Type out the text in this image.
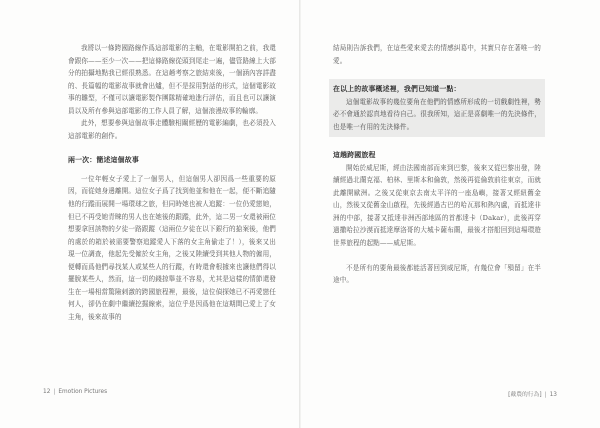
我將以一條跨國路線作爲這部電影的主軸，在電影開拍之前，我還會跟你——至少一次——把這條路線從頭到尾走一遍，儘管路線上大部分的拍攝地點我已經很熟悉。在這趟考察之旅結束後，一個涵內容詳盡的、長篇幅的電影故事就會出爐，但不是採用對話的形式，這個電影故事的雛型，不僅可以讓電影製作團隊精確地進行評估，而且也可以讓演員以及所有參與這部電影的工作人員了解，這個浪漫故事的輪廓。

此外，想要參與這個故事走體驗相關經歷的電影編劇，也必須投入這部電影的創作。

兩一次：簡述這個故事

一位年輕女子愛上了一個男人，但這個男人卻因爲一些重要的原因，而從她身邊離開。這位女子爲了找到他並和他在一起，便不斷追隨他的行蹤而展開一場環球之旅，但同時她也被人追蹤：一位仍愛戀她，但已不再受她青睞的男人也在她後的跟蹤，此外，這二男一女還被兩位想要拿回該物的夕徒一路跟蹤（這兩位夕徒在以下銀行的搶案後，他們的處於的箱於被需要警察追蹤愛人下落的女主角偷走了！），後來又出現一位調查，他起先受僱於女主角，之後又陸續受到其他人物的僱用，便轉而爲他們尋找某人或某些人的行蹤，有時還會根據來也讓他們得以擺脫某些人，然而，這一切的錢掠舉並不容易，尤其是這樣的情節還發生在一場相當驚險刺激的跨國旅程裡，最後，這位偵探她已不再愛戀任何人，卻仍在劇中繼續挖掘線索，這位乎是因爲他在這期間已愛上了女主角，後來故事的

12 | Emotion Pictures

結局則告訴我們，在這些愛來愛去的情感糾葛中，其實只存在著唯一的愛。

在以上的故事概述裡，我們已知道一點：

這個電影故事的幾位要角在他們的情感所形成的一切戲劇性裡，勢必不會通於認真地看待自己。很我所知，這正是喜劇唯一的先決條件，也是唯一有用的先決條件。

這趟跨國旅程

開始於威尼斯，經由法國南部而來到巴黎，後來又從巴黎出發，陸續經過北蘭克福、柏林、里斯本和倫敦，然後再從倫敦前往東京，而就此離開歐洲。之後又從東京去南太平洋的一座島嶼，接著又經紐舊金山，然後又從舊金山啟程，先後經過古巴的哈瓦那和熱內盧，而抵達非洲的中部，接著又抵達非洲西部地區的首都達卡（Dakar），此後再穿過撒哈拉沙漠而抵達摩洛哥的大城卡薩布蘭，最後才搭船回到這場環遊世界旅程的起點——威尼斯。

不是所有的要角最後都能活著回到威尼斯，有幾位會「殞留」在半途中。

[戴農的行為] | 13
